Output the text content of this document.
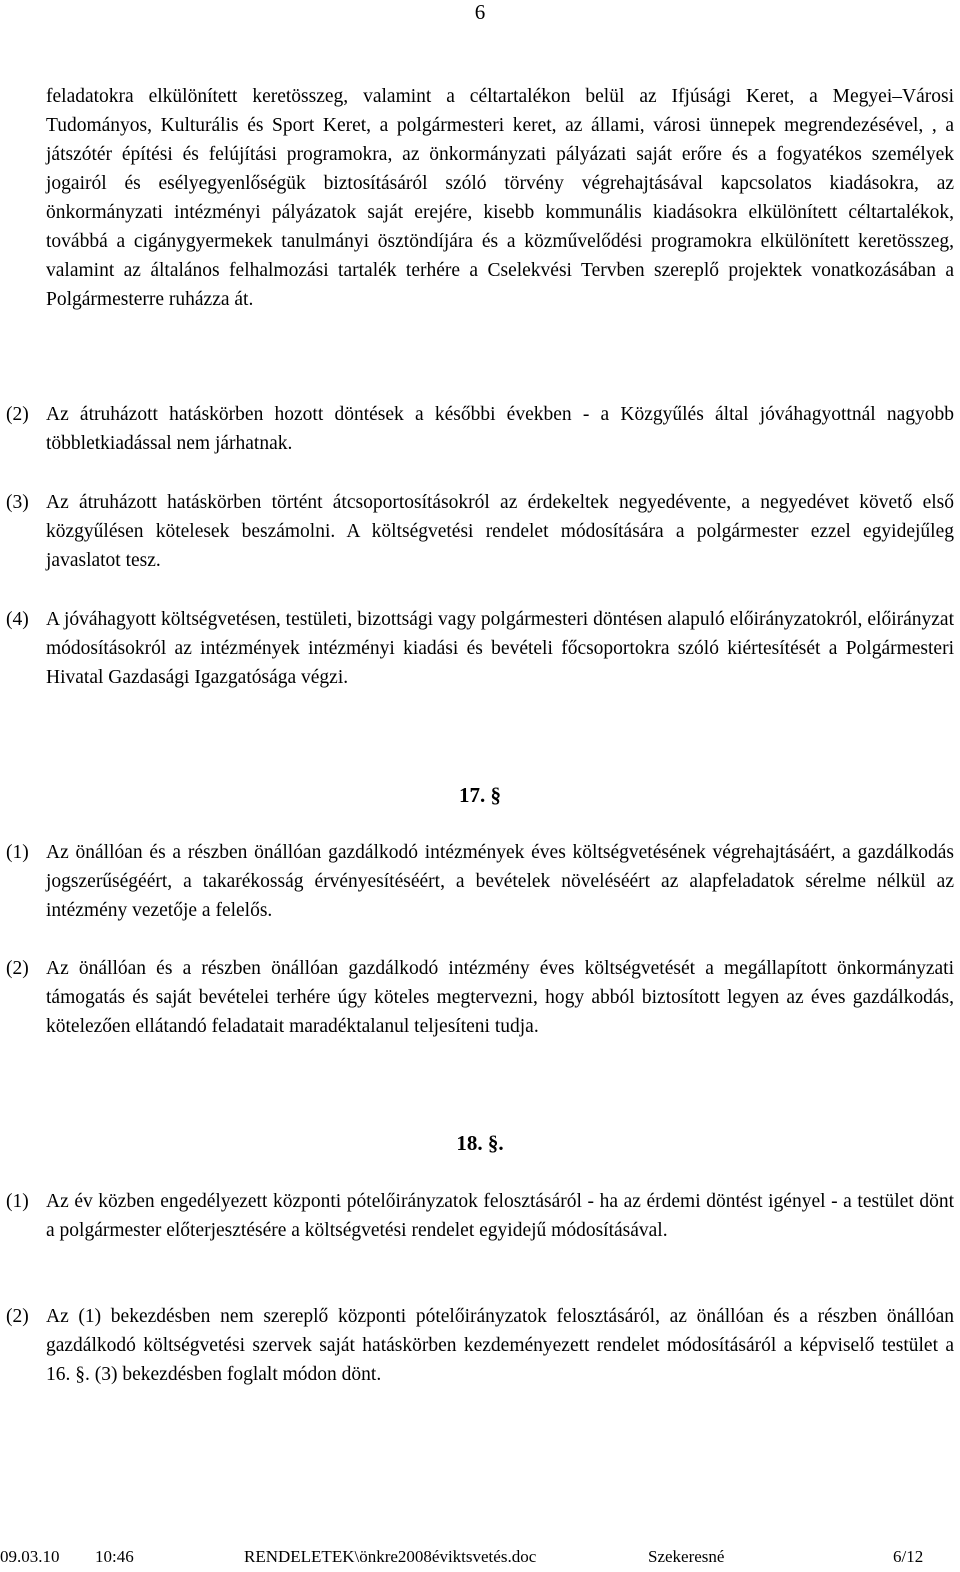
6

feladatokra elkülönített keretösszeg, valamint a céltartalékon belül az Ifjúsági Keret, a Megyei–Városi Tudományos, Kulturális és Sport Keret, a polgármesteri keret, az állami, városi ünnepek megrendezésével, , a játszótér építési és felújítási programokra, az önkormányzati pályázati saját erőre és a fogyatékos személyek jogairól és esélyegyenlőségük biztosításáról szóló törvény végrehajtásával kapcsolatos kiadásokra, az önkormányzati intézményi pályázatok saját erejére, kisebb kommunális kiadásokra elkülönített céltartalékok, továbbá a cigánygyermekek tanulmányi ösztöndíjára és a közművelődési programokra elkülönített keretösszeg, valamint az általános felhalmozási tartalék terhére a Cselekvési Tervben szereplő projektek vonatkozásában a Polgármesterre ruházza át.

(2) Az átruházott hatáskörben hozott döntések a későbbi években - a Közgyűlés által jóváhagyottnál nagyobb többletkiadással nem járhatnak.

(3) Az átruházott hatáskörben történt átcsoportosításokról az érdekeltek negyedévente, a negyedévet követő első közgyűlésen kötelesek beszámolni. A költségvetési rendelet módosítására a polgármester ezzel egyidejűleg javaslatot tesz.

(4) A jóváhagyott költségvetésen, testületi, bizottsági vagy polgármesteri döntésen alapuló előirányzatokról, előirányzat módosításokról az intézmények intézményi kiadási és bevételi főcsoportokra szóló kiértesítését a Polgármesteri Hivatal Gazdasági Igazgatósága végzi.

17. §

(1) Az önállóan és a részben önállóan gazdálkodó intézmények éves költségvetésének végrehajtásáért, a gazdálkodás jogszerűségéért, a takarékosság érvényesítéséért, a bevételek növeléséért az alapfeladatok sérelme nélkül az intézmény vezetője a felelős.

(2) Az önállóan és a részben önállóan gazdálkodó intézmény éves költségvetését a megállapított önkormányzati támogatás és saját bevételei terhére úgy köteles megtervezni, hogy abból biztosított legyen az éves gazdálkodás, kötelezően ellátandó feladatait maradéktalanul teljesíteni tudja.

18. §.

(1) Az év közben engedélyezett központi pótelőirányzatok felosztásáról - ha az érdemi döntést igényel - a testület dönt a polgármester előterjesztésére a költségvetési rendelet egyidejű módosításával.

(2) Az (1) bekezdésben nem szereplő központi pótelőirányzatok felosztásáról, az önállóan és a részben önállóan gazdálkodó költségvetési szervek saját hatáskörben kezdeményezett rendelet módosításáról a képviselő testület a 16. §. (3) bekezdésben foglalt módon dönt.

09.03.10 10:46	RENDELETEK\önkre2008éviktsvetés.doc	Szekeresné	6/12
